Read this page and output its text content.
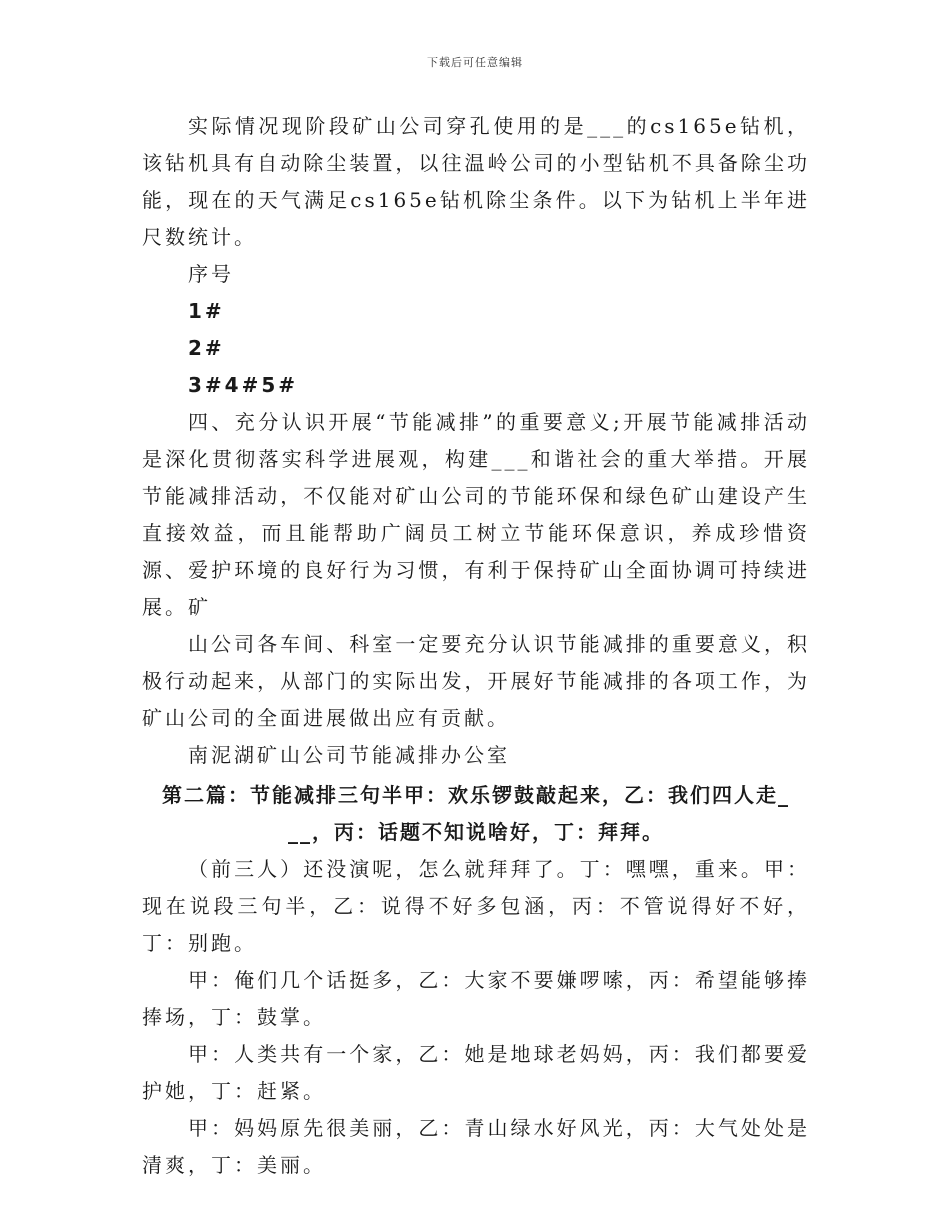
下载后可任意编辑

实际情况现阶段矿山公司穿孔使用的是___的cs165e钻机，该钻机具有自动除尘装置，以往温岭公司的小型钻机不具备除尘功能，现在的天气满足cs165e钻机除尘条件。以下为钻机上半年进尺数统计。

序号

1#

2#

3#4#5#

四、充分认识开展“节能减排”的重要意义;开展节能减排活动是深化贯彻落实科学进展观，构建___和谐社会的重大举措。开展节能减排活动，不仅能对矿山公司的节能环保和绿色矿山建设产生直接效益，而且能帮助广阔员工树立节能环保意识，养成珍惜资源、爱护环境的良好行为习惯，有利于保持矿山全面协调可持续进展。矿

山公司各车间、科室一定要充分认识节能减排的重要意义，积极行动起来，从部门的实际出发，开展好节能减排的各项工作，为矿山公司的全面进展做出应有贡献。

南泥湖矿山公司节能减排办公室

第二篇：节能减排三句半甲：欢乐锣鼓敲起来，乙：我们四人走_

__，丙：话题不知说啥好，丁：拜拜。

（前三人）还没演呢，怎么就拜拜了。丁：嘿嘿，重来。甲：现在说段三句半，乙：说得不好多包涵，丙：不管说得好不好，丁：别跑。

甲：俺们几个话挺多，乙：大家不要嫌啰嗦，丙：希望能够捧捧场，丁：鼓掌。

甲：人类共有一个家，乙：她是地球老妈妈，丙：我们都要爱护她，丁：赶紧。

甲：妈妈原先很美丽，乙：青山绿水好风光，丙：大气处处是清爽，丁：美丽。
